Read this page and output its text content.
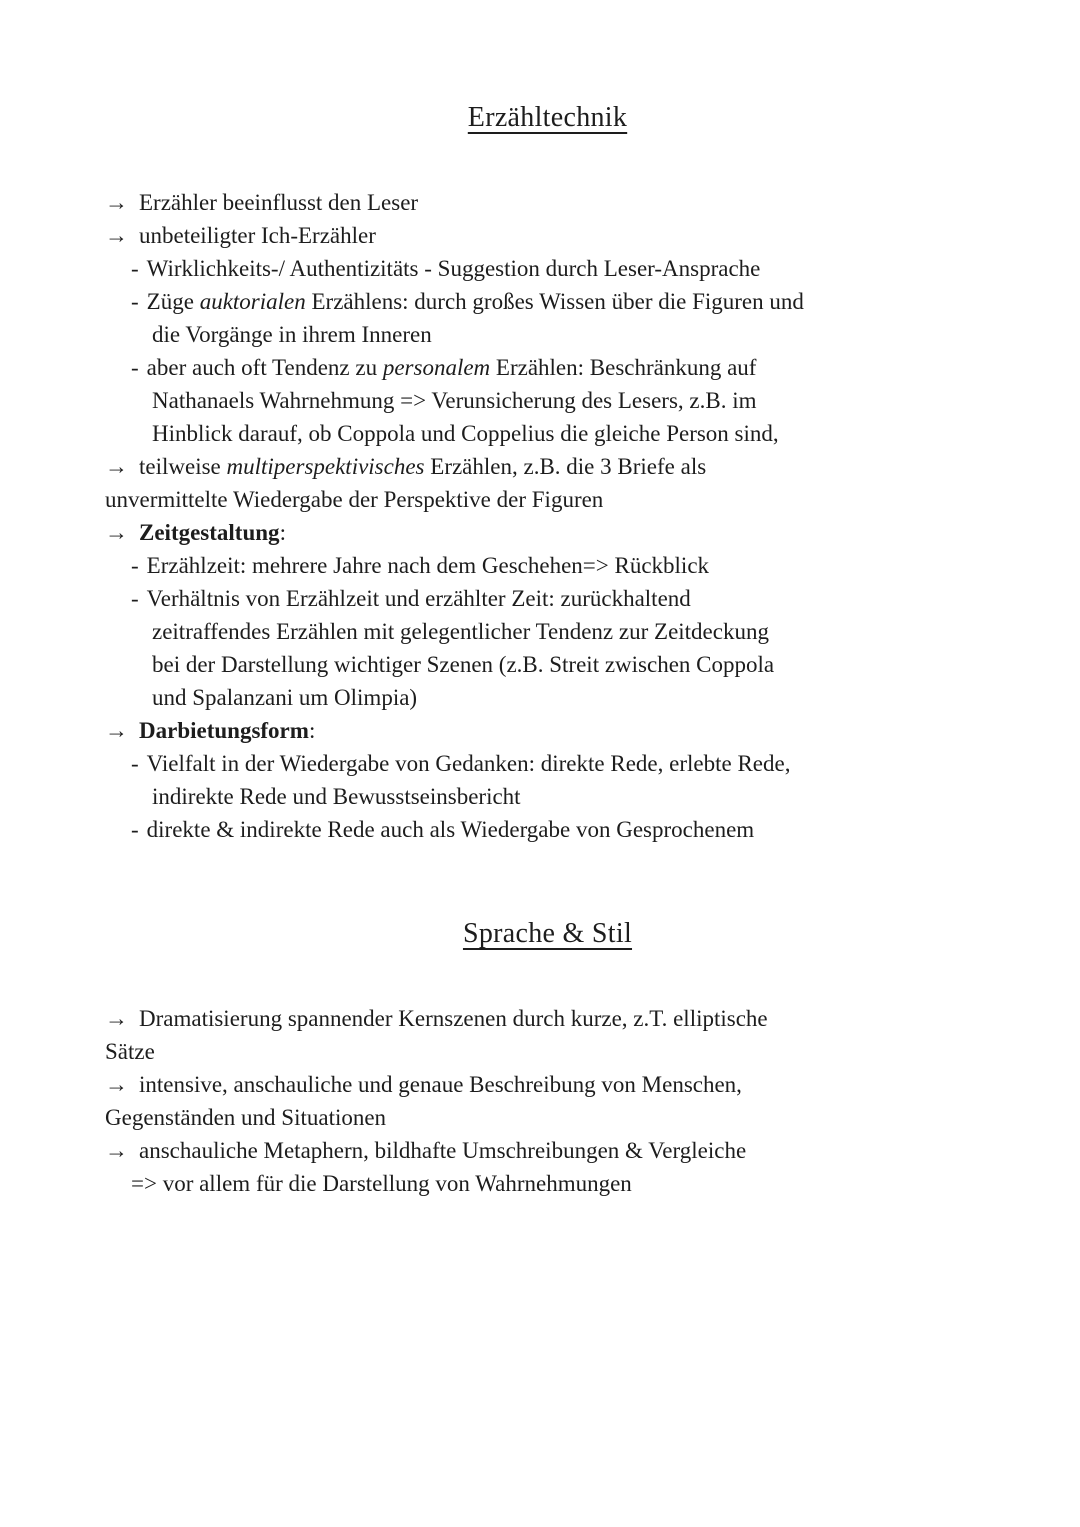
Erzähltechnik
→ Erzähler beeinflusst den Leser
→ unbeteiligter Ich-Erzähler
- Wirklichkeits-/ Authentizitäts - Suggestion durch Leser-Ansprache
- Züge auktorialen Erzählens: durch großes Wissen über die Figuren und
die Vorgänge in ihrem Inneren
- aber auch oft Tendenz zu personalem Erzählen: Beschränkung auf
Nathanaels Wahrnehmung => Verunsicherung des Lesers, z.B. im
Hinblick darauf, ob Coppola und Coppelius die gleiche Person sind,
→ teilweise multiperspektivisches Erzählen, z.B. die 3 Briefe als
unvermittelte Wiedergabe der Perspektive der Figuren
→ Zeitgestaltung:
- Erzählzeit: mehrere Jahre nach dem Geschehen=> Rückblick
- Verhältnis von Erzählzeit und erzählter Zeit: zurückhaltend
zeitraffendes Erzählen mit gelegentlicher Tendenz zur Zeitdeckung
bei der Darstellung wichtiger Szenen (z.B. Streit zwischen Coppola
und Spalanzani um Olimpia)
→ Darbietungsform:
- Vielfalt in der Wiedergabe von Gedanken: direkte Rede, erlebte Rede,
indirekte Rede und Bewusstseinsbericht
- direkte & indirekte Rede auch als Wiedergabe von Gesprochenem
Sprache & Stil
→ Dramatisierung spannender Kernszenen durch kurze, z.T. elliptische
Sätze
→ intensive, anschauliche und genaue Beschreibung von Menschen,
Gegenständen und Situationen
→ anschauliche Metaphern, bildhafte Umschreibungen & Vergleiche
=> vor allem für die Darstellung von Wahrnehmungen
